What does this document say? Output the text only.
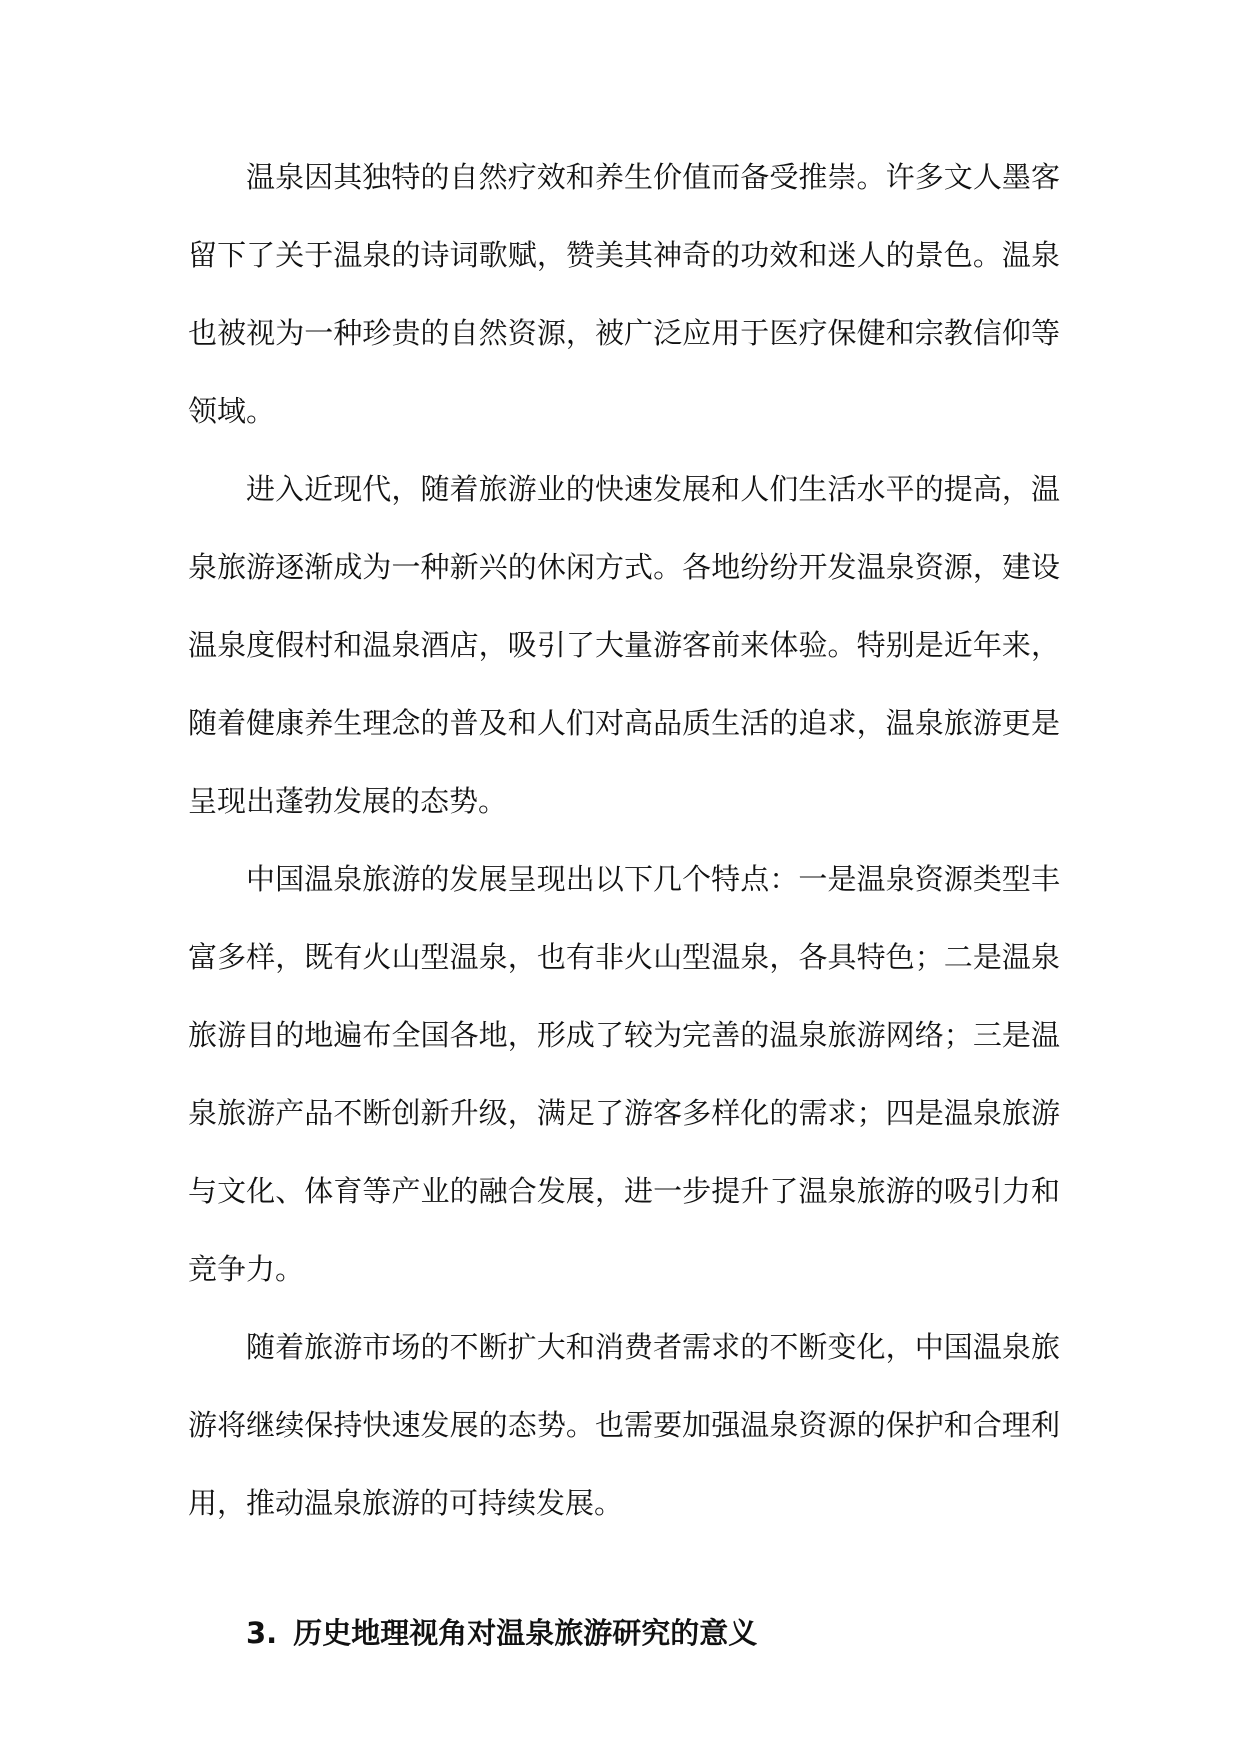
温泉因其独特的自然疗效和养生价值而备受推崇。许多文人墨客留下了关于温泉的诗词歌赋，赞美其神奇的功效和迷人的景色。温泉也被视为一种珍贵的自然资源，被广泛应用于医疗保健和宗教信仰等领域。

进入近现代，随着旅游业的快速发展和人们生活水平的提高，温泉旅游逐渐成为一种新兴的休闲方式。各地纷纷开发温泉资源，建设温泉度假村和温泉酒店，吸引了大量游客前来体验。特别是近年来，随着健康养生理念的普及和人们对高品质生活的追求，温泉旅游更是呈现出蓬勃发展的态势。

中国温泉旅游的发展呈现出以下几个特点：一是温泉资源类型丰富多样，既有火山型温泉，也有非火山型温泉，各具特色；二是温泉旅游目的地遍布全国各地，形成了较为完善的温泉旅游网络；三是温泉旅游产品不断创新升级，满足了游客多样化的需求；四是温泉旅游与文化、体育等产业的融合发展，进一步提升了温泉旅游的吸引力和竞争力。

随着旅游市场的不断扩大和消费者需求的不断变化，中国温泉旅游将继续保持快速发展的态势。也需要加强温泉资源的保护和合理利用，推动温泉旅游的可持续发展。

3. 历史地理视角对温泉旅游研究的意义
